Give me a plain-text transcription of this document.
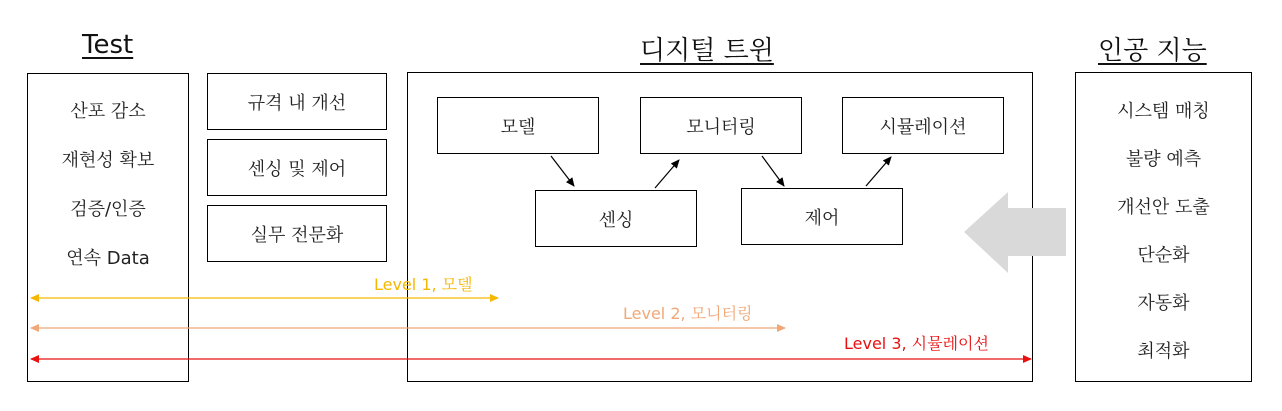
Test	디지털 트윈	인공 지능
산포 감소
재현성 확보
검증/인증
연속 Data
규격 내 개선
센싱 및 제어
실무 전문화
모델	모니터링	시뮬레이션
센싱	제어
시스템 매칭
불량 예측
개선안 도출
단순화
자동화
최적화
Level 1, 모델
Level 2, 모니터링
Level 3, 시뮬레이션
